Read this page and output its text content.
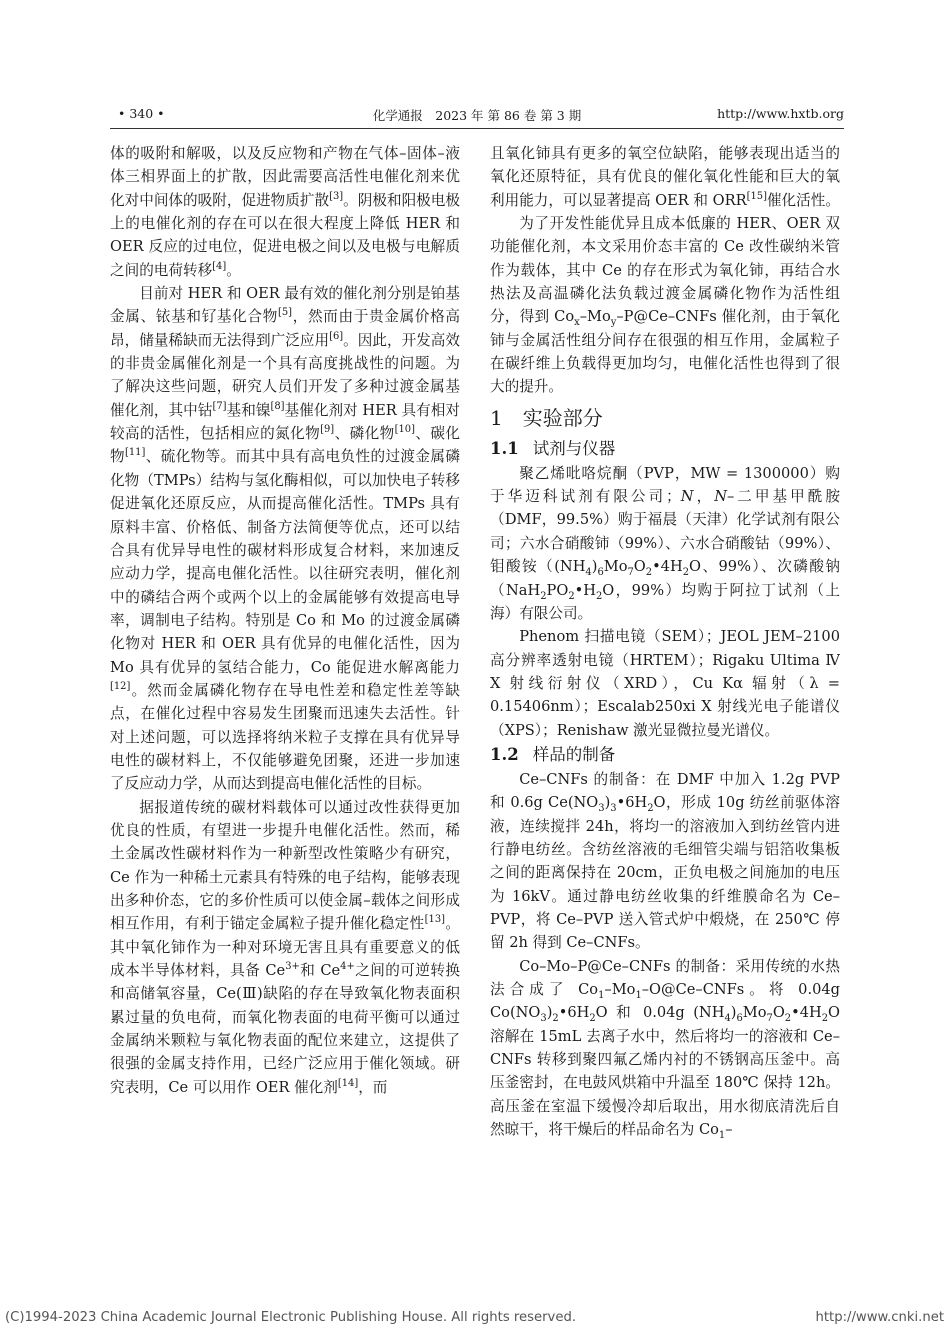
• 340 •	化学通报　2023 年 第 86 卷 第 3 期	http://www.hxtb.org

体的吸附和解吸，以及反应物和产物在气体–固体–液体三相界面上的扩散，因此需要高活性电催化剂来优化对中间体的吸附，促进物质扩散[3]。阴极和阳极电极上的电催化剂的存在可以在很大程度上降低 HER 和 OER 反应的过电位，促进电极之间以及电极与电解质之间的电荷转移[4]。

目前对 HER 和 OER 最有效的催化剂分别是铂基金属、铱基和钌基化合物[5]，然而由于贵金属价格高昂，储量稀缺而无法得到广泛应用[6]。因此，开发高效的非贵金属催化剂是一个具有高度挑战性的问题。为了解决这些问题，研究人员们开发了多种过渡金属基催化剂，其中钴[7]基和镍[8]基催化剂对 HER 具有相对较高的活性，包括相应的氮化物[9]、磷化物[10]、碳化物[11]、硫化物等。而其中具有高电负性的过渡金属磷化物（TMPs）结构与氢化酶相似，可以加快电子转移促进氧化还原反应，从而提高催化活性。TMPs 具有原料丰富、价格低、制备方法简便等优点，还可以结合具有优异导电性的碳材料形成复合材料，来加速反应动力学，提高电催化活性。以往研究表明，催化剂中的磷结合两个或两个以上的金属能够有效提高电导率，调制电子结构。特别是 Co 和 Mo 的过渡金属磷化物对 HER 和 OER 具有优异的电催化活性，因为 Mo 具有优异的氢结合能力，Co 能促进水解离能力[12]。然而金属磷化物存在导电性差和稳定性差等缺点，在催化过程中容易发生团聚而迅速失去活性。针对上述问题，可以选择将纳米粒子支撑在具有优异导电性的碳材料上，不仅能够避免团聚，还进一步加速了反应动力学，从而达到提高电催化活性的目标。

据报道传统的碳材料载体可以通过改性获得更加优良的性质，有望进一步提升电催化活性。然而，稀土金属改性碳材料作为一种新型改性策略少有研究，Ce 作为一种稀土元素具有特殊的电子结构，能够表现出多种价态，它的多价性质可以使金属–载体之间形成相互作用，有利于锚定金属粒子提升催化稳定性[13]。其中氧化铈作为一种对环境无害且具有重要意义的低成本半导体材料，具备 $Ce^{3+}$和 $Ce^{4+}$之间的可逆转换和高储氧容量，Ce(Ⅲ)缺陷的存在导致氧化物表面积累过量的负电荷，而氧化物表面的电荷平衡可以通过金属纳米颗粒与氧化物表面的配位来建立，这提供了很强的金属支持作用，已经广泛应用于催化领域。研究表明，Ce 可以用作 OER 催化剂[14]，而

且氧化铈具有更多的氧空位缺陷，能够表现出适当的氧化还原特征，具有优良的催化氧化性能和巨大的氧利用能力，可以显著提高 OER 和 ORR[15]催化活性。

为了开发性能优异且成本低廉的 HER、OER 双功能催化剂，本文采用价态丰富的 Ce 改性碳纳米管作为载体，其中 Ce 的存在形式为氧化铈，再结合水热法及高温磷化法负载过渡金属磷化物作为活性组分，得到 $Co_x-Mo_y-P@Ce$–CNFs 催化剂，由于氧化铈与金属活性组分间存在很强的相互作用，金属粒子在碳纤维上负载得更加均匀，电催化活性也得到了很大的提升。

1 实验部分
1.1 试剂与仪器

聚乙烯吡咯烷酮（PVP，MW = 1300000）购于华迈科试剂有限公司；N，N–二甲基甲酰胺（DMF，99.5%）购于福晨（天津）化学试剂有限公司；六水合硝酸铈（99%）、六水合硝酸钴（99%）、钼酸铵（$(NH_4)_6Mo_7O_2•4H_2O$、99%）、次磷酸钠（$NaH_2PO_2•H_2O$，99%）均购于阿拉丁试剂（上海）有限公司。

Phenom 扫描电镜（SEM）；JEOL JEM–2100 高分辨率透射电镜（HRTEM）；Rigaku Ultima Ⅳ X 射线衍射仪（XRD），Cu Kα 辐射（λ = 0.15406nm）；Escalab250xi X 射线光电子能谱仪（XPS）；Renishaw 激光显微拉曼光谱仪。

1.2 样品的制备

Ce–CNFs 的制备：在 DMF 中加入 1.2g PVP 和 0.6g $Ce(NO_3)_3•6H_2O$，形成 10g 纺丝前驱体溶液，连续搅拌 24h，将均一的溶液加入到纺丝管内进行静电纺丝。含纺丝溶液的毛细管尖端与铝箔收集板之间的距离保持在 20cm，正负电极之间施加的电压为 16kV。通过静电纺丝收集的纤维膜命名为 Ce–PVP，将 Ce–PVP 送入管式炉中煅烧，在 250℃ 停留 2h 得到 Ce–CNFs。

Co–Mo–P@Ce–CNFs 的制备：采用传统的水热法合成了 $Co_1-Mo_1-O@Ce$–CNFs。将 0.04g $Co(NO_3)_2•6H_2O$ 和 0.04g $(NH_4)_6Mo_7O_2•4H_2O$ 溶解在 15mL 去离子水中，然后将均一的溶液和 Ce–CNFs 转移到聚四氟乙烯内衬的不锈钢高压釜中。高压釜密封，在电鼓风烘箱中升温至 180℃ 保持 12h。高压釜在室温下缓慢冷却后取出，用水彻底清洗后自然晾干，将干燥后的样品命名为 $Co_1-$

(C)1994-2023 China Academic Journal Electronic Publishing House. All rights reserved.	http://www.cnki.net
